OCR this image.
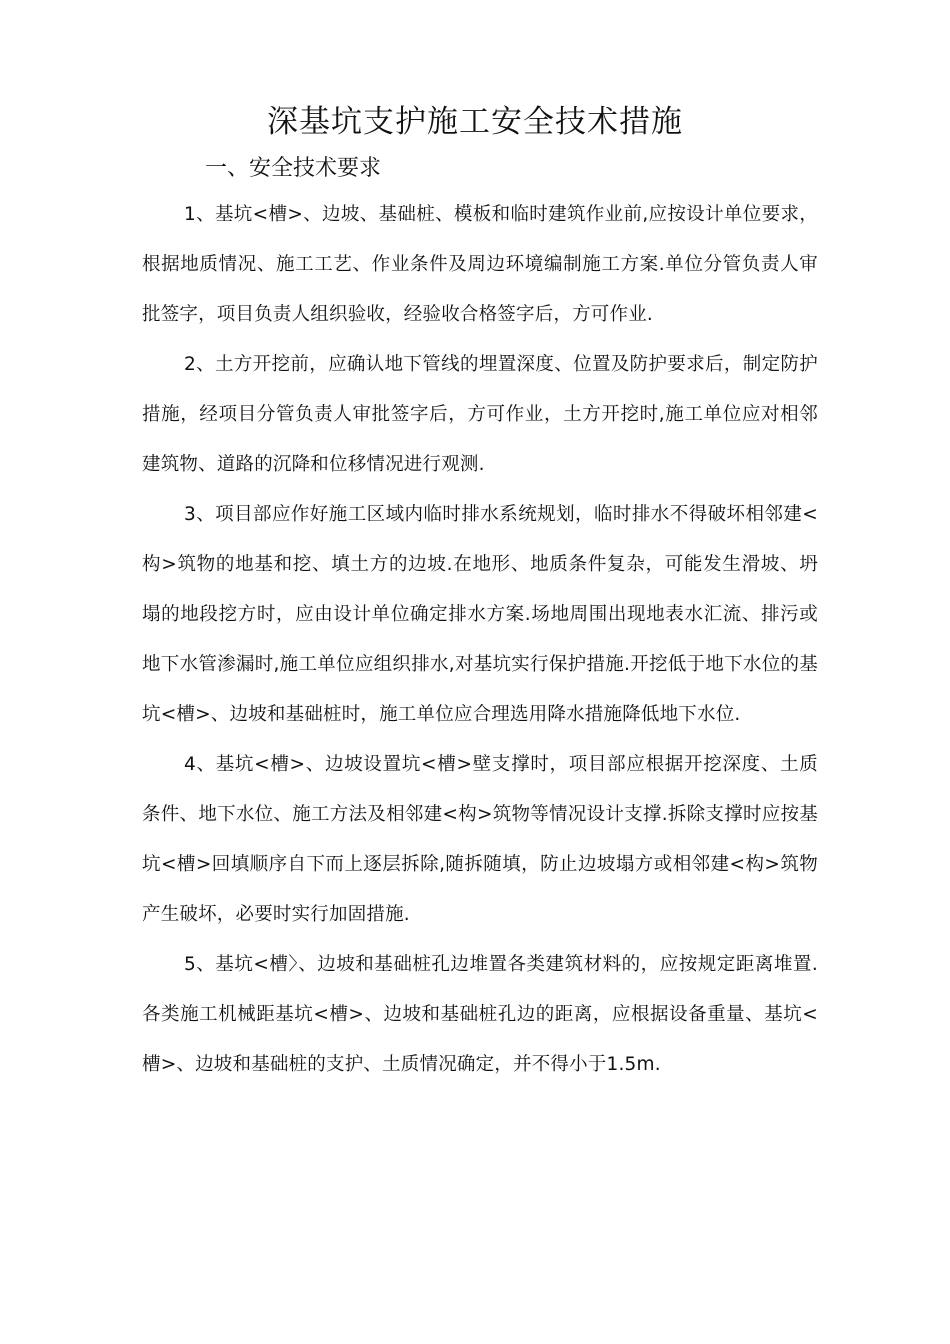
深基坑支护施工安全技术措施
一、安全技术要求

1、基坑<槽>、边坡、基础桩、模板和临时建筑作业前,应按设计单位要求，根据地质情况、施工工艺、作业条件及周边环境编制施工方案.单位分管负责人审批签字，项目负责人组织验收，经验收合格签字后，方可作业.

2、土方开挖前，应确认地下管线的埋置深度、位置及防护要求后，制定防护措施，经项目分管负责人审批签字后，方可作业，土方开挖时,施工单位应对相邻建筑物、道路的沉降和位移情况进行观测.

3、项目部应作好施工区域内临时排水系统规划，临时排水不得破坏相邻建<构>筑物的地基和挖、填土方的边坡.在地形、地质条件复杂，可能发生滑坡、坍塌的地段挖方时，应由设计单位确定排水方案.场地周围出现地表水汇流、排污或地下水管渗漏时,施工单位应组织排水,对基坑实行保护措施.开挖低于地下水位的基坑<槽>、边坡和基础桩时，施工单位应合理选用降水措施降低地下水位.

4、基坑<槽>、边坡设置坑<槽>壁支撑时，项目部应根据开挖深度、土质条件、地下水位、施工方法及相邻建<构>筑物等情况设计支撑.拆除支撑时应按基坑<槽>回填顺序自下而上逐层拆除,随拆随填，防止边坡塌方或相邻建<构>筑物产生破坏，必要时实行加固措施.

5、基坑<槽〉、边坡和基础桩孔边堆置各类建筑材料的，应按规定距离堆置.各类施工机械距基坑<槽>、边坡和基础桩孔边的距离，应根据设备重量、基坑<槽>、边坡和基础桩的支护、土质情况确定，并不得小于1.5m.
